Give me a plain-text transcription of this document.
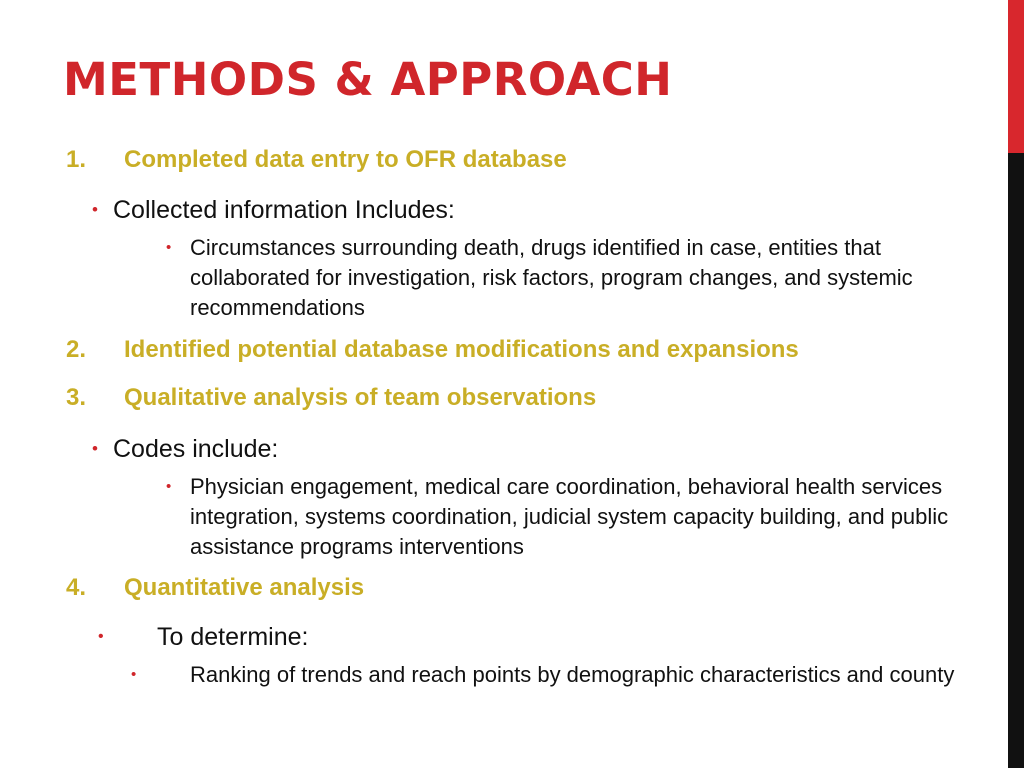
METHODS & APPROACH
1. Completed data entry to OFR database
• Collected information Includes:
• Circumstances surrounding death, drugs identified in case, entities that collaborated for investigation, risk factors, program changes, and systemic recommendations
2. Identified potential database modifications and expansions
3. Qualitative analysis of team observations
• Codes include:
• Physician engagement, medical care coordination, behavioral health services integration, systems coordination, judicial system capacity building, and public assistance programs interventions
4. Quantitative analysis
• To determine:
• Ranking of trends and reach points by demographic characteristics and county
